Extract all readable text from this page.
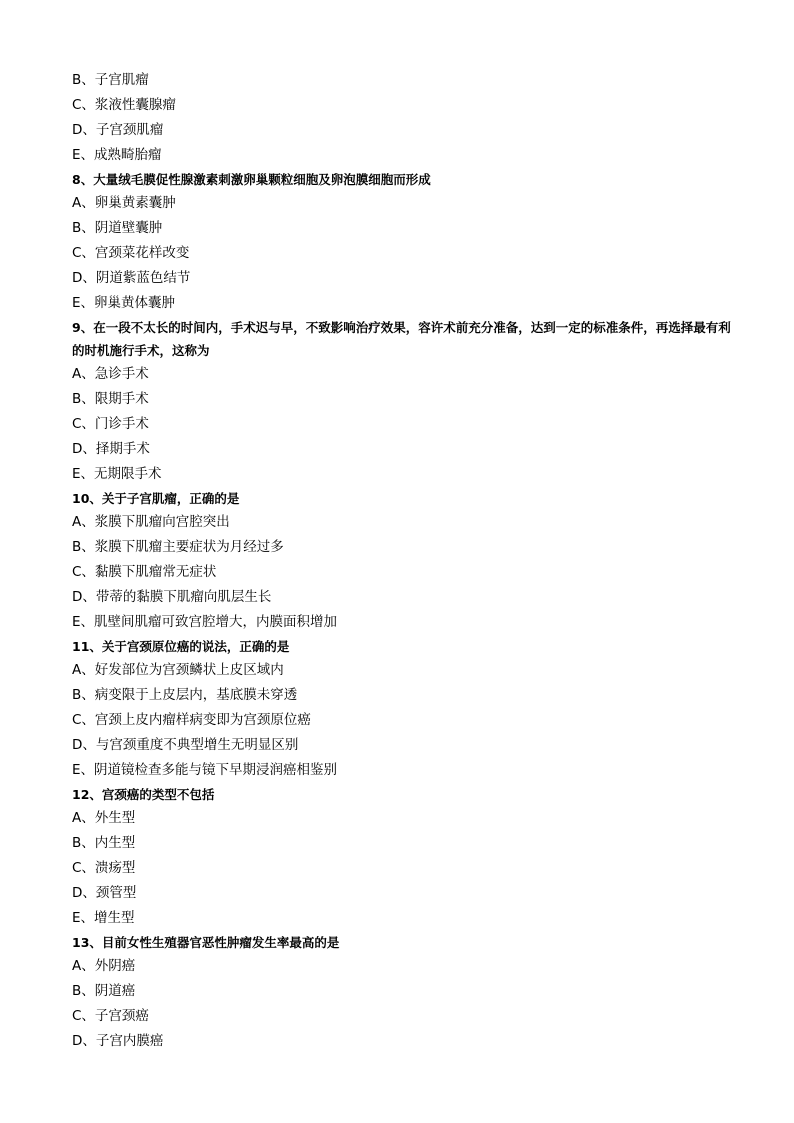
B、子宫肌瘤
C、浆液性囊腺瘤
D、子宫颈肌瘤
E、成熟畸胎瘤
8、大量绒毛膜促性腺激素刺激卵巢颗粒细胞及卵泡膜细胞而形成
A、卵巢黄素囊肿
B、阴道壁囊肿
C、宫颈菜花样改变
D、阴道紫蓝色结节
E、卵巢黄体囊肿
9、在一段不太长的时间内，手术迟与早，不致影响治疗效果，容许术前充分准备，达到一定的标准条件，再选择最有利的时机施行手术，这称为
A、急诊手术
B、限期手术
C、门诊手术
D、择期手术
E、无期限手术
10、关于子宫肌瘤，正确的是
A、浆膜下肌瘤向宫腔突出
B、浆膜下肌瘤主要症状为月经过多
C、黏膜下肌瘤常无症状
D、带蒂的黏膜下肌瘤向肌层生长
E、肌壁间肌瘤可致宫腔增大，内膜面积增加
11、关于宫颈原位癌的说法，正确的是
A、好发部位为宫颈鳞状上皮区域内
B、病变限于上皮层内，基底膜未穿透
C、宫颈上皮内瘤样病变即为宫颈原位癌
D、与宫颈重度不典型增生无明显区别
E、阴道镜检查多能与镜下早期浸润癌相鉴别
12、宫颈癌的类型不包括
A、外生型
B、内生型
C、溃疡型
D、颈管型
E、增生型
13、目前女性生殖器官恶性肿瘤发生率最高的是
A、外阴癌
B、阴道癌
C、子宫颈癌
D、子宫内膜癌
